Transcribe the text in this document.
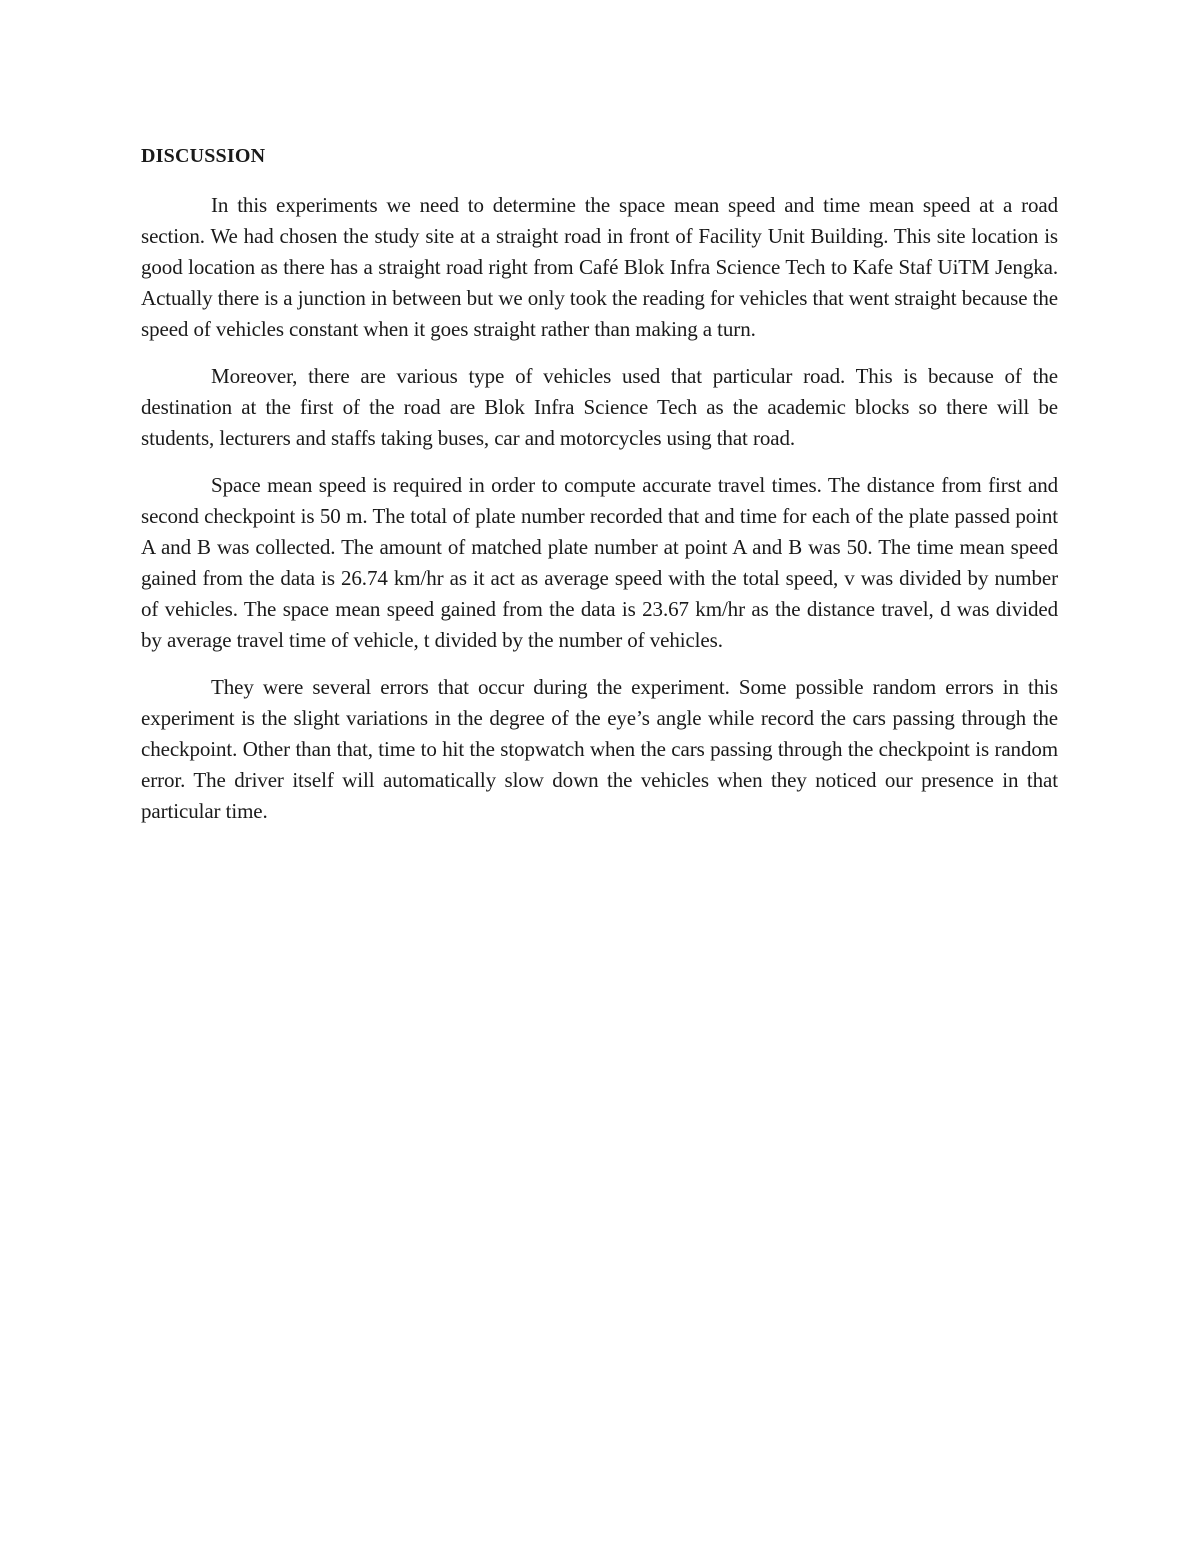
DISCUSSION

In this experiments we need to determine the space mean speed and time mean speed at a road section. We had chosen the study site at a straight road in front of Facility Unit Building. This site location is good location as there has a straight road right from Café Blok Infra Science Tech to Kafe Staf UiTM Jengka. Actually there is a junction in between but we only took the reading for vehicles that went straight because the speed of vehicles constant when it goes straight rather than making a turn.

Moreover, there are various type of vehicles used that particular road. This is because of the destination at the first of the road are Blok Infra Science Tech as the academic blocks so there will be students, lecturers and staffs taking buses, car and motorcycles using that road.

Space mean speed is required in order to compute accurate travel times. The distance from first and second checkpoint is 50 m. The total of plate number recorded that and time for each of the plate passed point A and B was collected. The amount of matched plate number at point A and B was 50. The time mean speed gained from the data is 26.74 km/hr as it act as average speed with the total speed, v was divided by number of vehicles. The space mean speed gained from the data is 23.67 km/hr as the distance travel, d was divided by average travel time of vehicle, t divided by the number of vehicles.

They were several errors that occur during the experiment. Some possible random errors in this experiment is the slight variations in the degree of the eye’s angle while record the cars passing through the checkpoint. Other than that, time to hit the stopwatch when the cars passing through the checkpoint is random error. The driver itself will automatically slow down the vehicles when they noticed our presence in that particular time.
